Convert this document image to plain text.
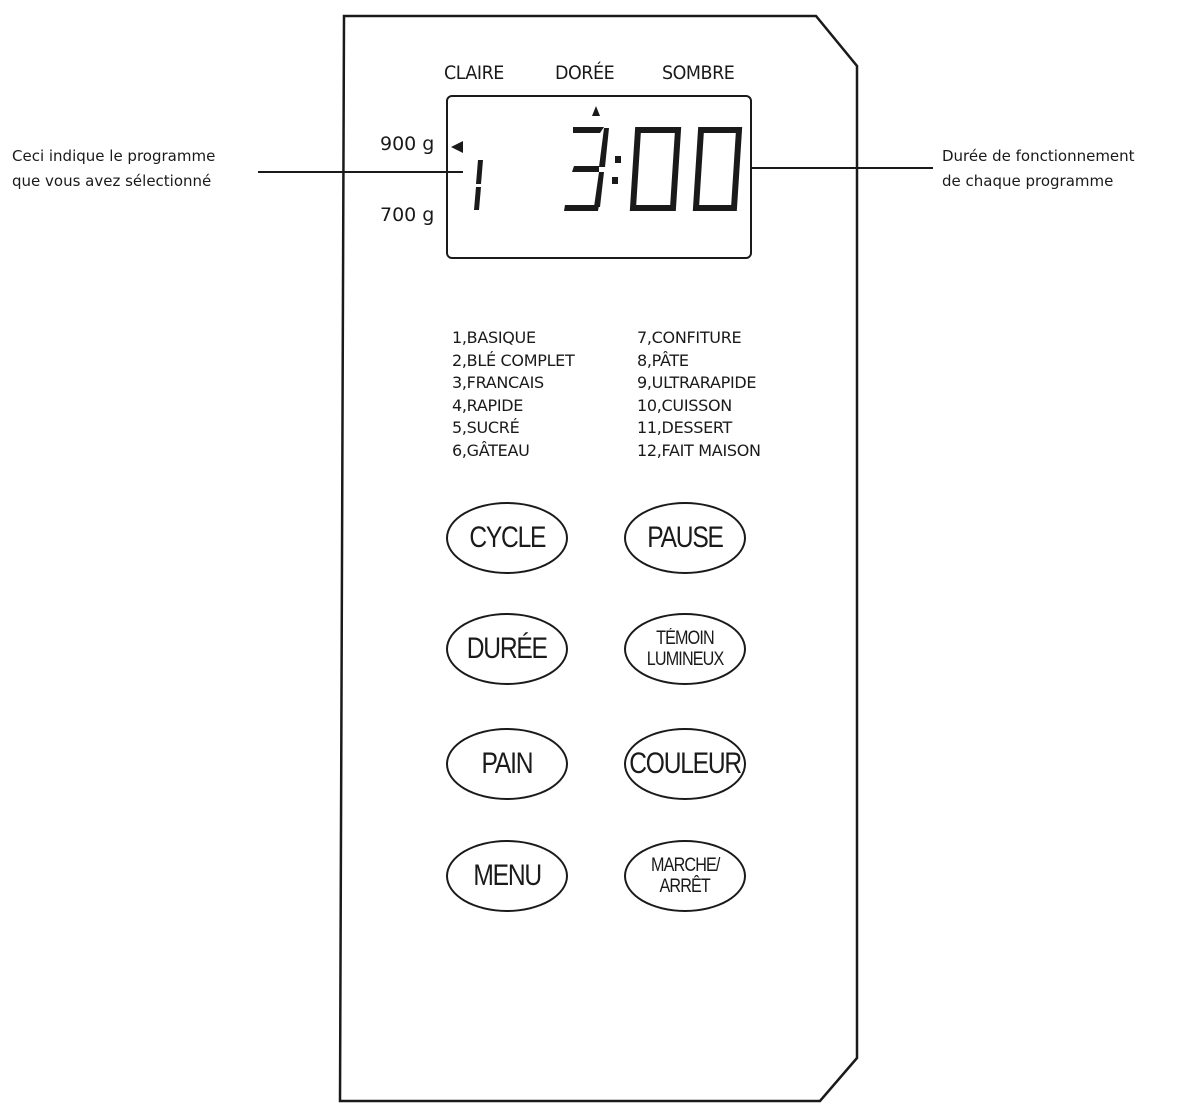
Ceci indique le programme
que vous avez sélectionné
Durée de fonctionnement
de chaque programme
CLAIRE	DORÉE	SOMBRE
900 g
700 g
1,BASIQUE
2,BLÉ COMPLET
3,FRANCAIS
4,RAPIDE
5,SUCRÉ
6,GÂTEAU
7,CONFITURE
8,PÂTE
9,ULTRARAPIDE
10,CUISSON
11,DESSERT
12,FAIT MAISON
CYCLE	PAUSE
DURÉE	TÉMOIN
LUMINEUX
PAIN	COULEUR
MENU	MARCHE/
ARRÊT
